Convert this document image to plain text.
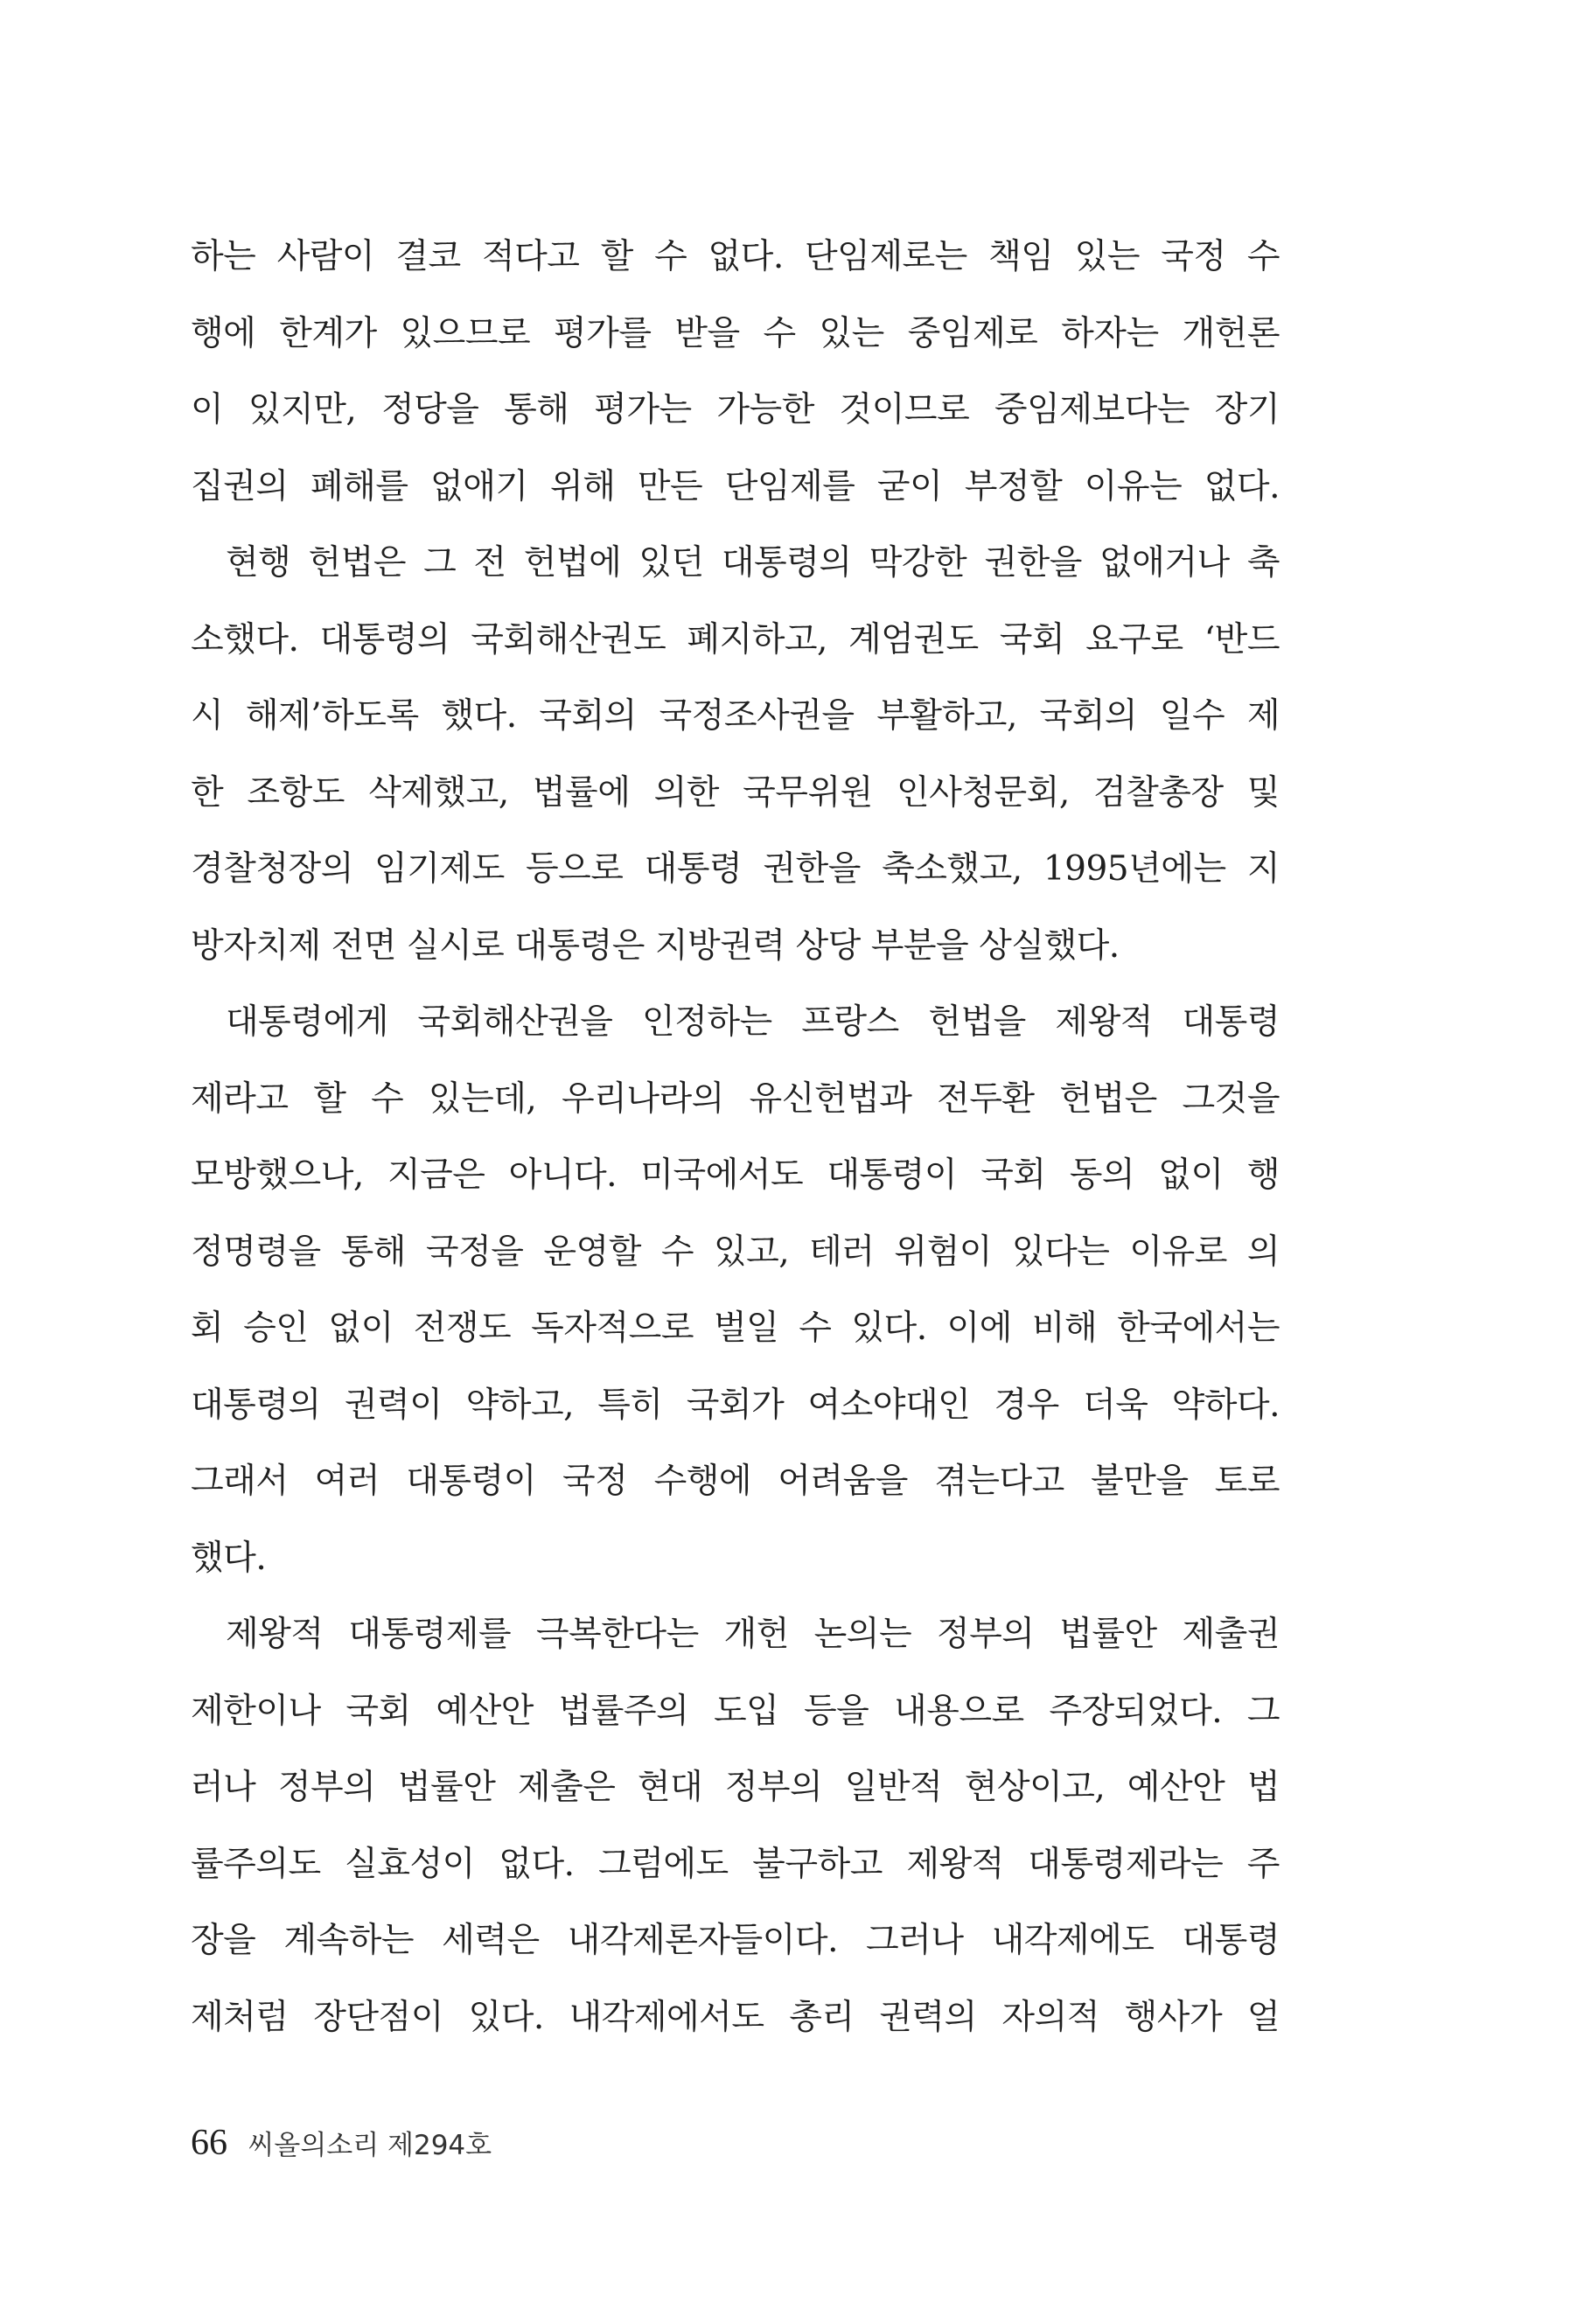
하는 사람이 결코 적다고 할 수 없다. 단임제로는 책임 있는 국정 수
행에 한계가 있으므로 평가를 받을 수 있는 중임제로 하자는 개헌론
이 있지만, 정당을 통해 평가는 가능한 것이므로 중임제보다는 장기
집권의 폐해를 없애기 위해 만든 단임제를 굳이 부정할 이유는 없다.

현행 헌법은 그 전 헌법에 있던 대통령의 막강한 권한을 없애거나 축
소했다. 대통령의 국회해산권도 폐지하고, 계엄권도 국회 요구로 ‘반드
시 해제’하도록 했다. 국회의 국정조사권을 부활하고, 국회의 일수 제
한 조항도 삭제했고, 법률에 의한 국무위원 인사청문회, 검찰총장 및
경찰청장의 임기제도 등으로 대통령 권한을 축소했고, 1995년에는 지
방자치제 전면 실시로 대통령은 지방권력 상당 부분을 상실했다.

대통령에게 국회해산권을 인정하는 프랑스 헌법을 제왕적 대통령
제라고 할 수 있는데, 우리나라의 유신헌법과 전두환 헌법은 그것을
모방했으나, 지금은 아니다. 미국에서도 대통령이 국회 동의 없이 행
정명령을 통해 국정을 운영할 수 있고, 테러 위험이 있다는 이유로 의
회 승인 없이 전쟁도 독자적으로 벌일 수 있다. 이에 비해 한국에서는
대통령의 권력이 약하고, 특히 국회가 여소야대인 경우 더욱 약하다.
그래서 여러 대통령이 국정 수행에 어려움을 겪는다고 불만을 토로
했다.

제왕적 대통령제를 극복한다는 개헌 논의는 정부의 법률안 제출권
제한이나 국회 예산안 법률주의 도입 등을 내용으로 주장되었다. 그
러나 정부의 법률안 제출은 현대 정부의 일반적 현상이고, 예산안 법
률주의도 실효성이 없다. 그럼에도 불구하고 제왕적 대통령제라는 주
장을 계속하는 세력은 내각제론자들이다. 그러나 내각제에도 대통령
제처럼 장단점이 있다. 내각제에서도 총리 권력의 자의적 행사가 얼

66 씨올의소리 제294호
